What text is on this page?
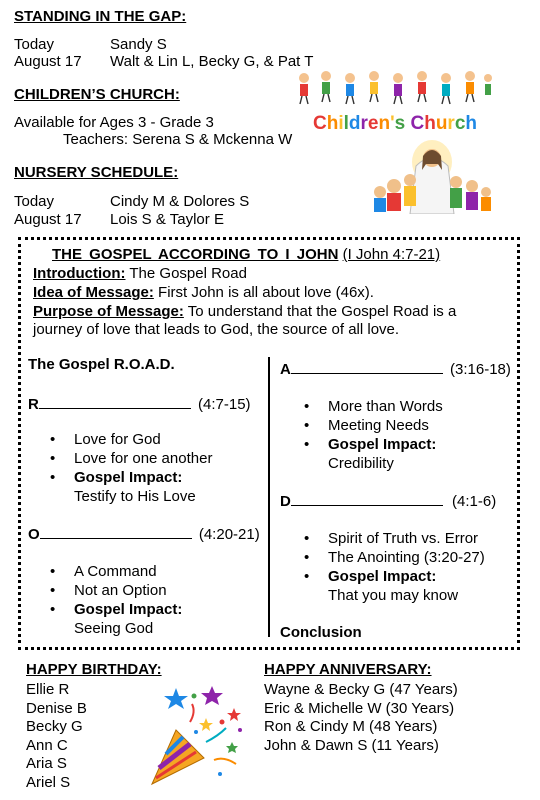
STANDING IN THE GAP:
Today	Sandy S
August 17 Walt & Lin L, Becky G, & Pat T
CHILDREN’S CHURCH:
Available for Ages 3 - Grade 3
Teachers: Serena S & Mckenna W
Children's Church
NURSERY SCHEDULE:
Today	Cindy M & Dolores S
August 17 Lois S & Taylor E
THE GOSPEL ACCORDING TO I JOHN (I John 4:7-21)
Introduction: The Gospel Road
Idea of Message: First John is all about love (46x).
Purpose of Message: To understand that the Gospel Road is a
journey of love that leads to God, the source of all love.
The Gospel R.O.A.D.
R	(4:7-15)
• Love for God
• Love for one another
• Gospel Impact:
Testify to His Love
O	(4:20-21)
• A Command
• Not an Option
• Gospel Impact:
Seeing God
A	(3:16-18)
• More than Words
• Meeting Needs
• Gospel Impact:
Credibility
D	(4:1-6)
• Spirit of Truth vs. Error
• The Anointing (3:20-27)
• Gospel Impact:
That you may know
Conclusion
HAPPY BIRTHDAY:
Ellie R
Denise B
Becky G
Ann C
Aria S
Ariel S
HAPPY ANNIVERSARY:
Wayne & Becky G (47 Years)
Eric & Michelle W (30 Years)
Ron & Cindy M (48 Years)
John & Dawn S (11 Years)
